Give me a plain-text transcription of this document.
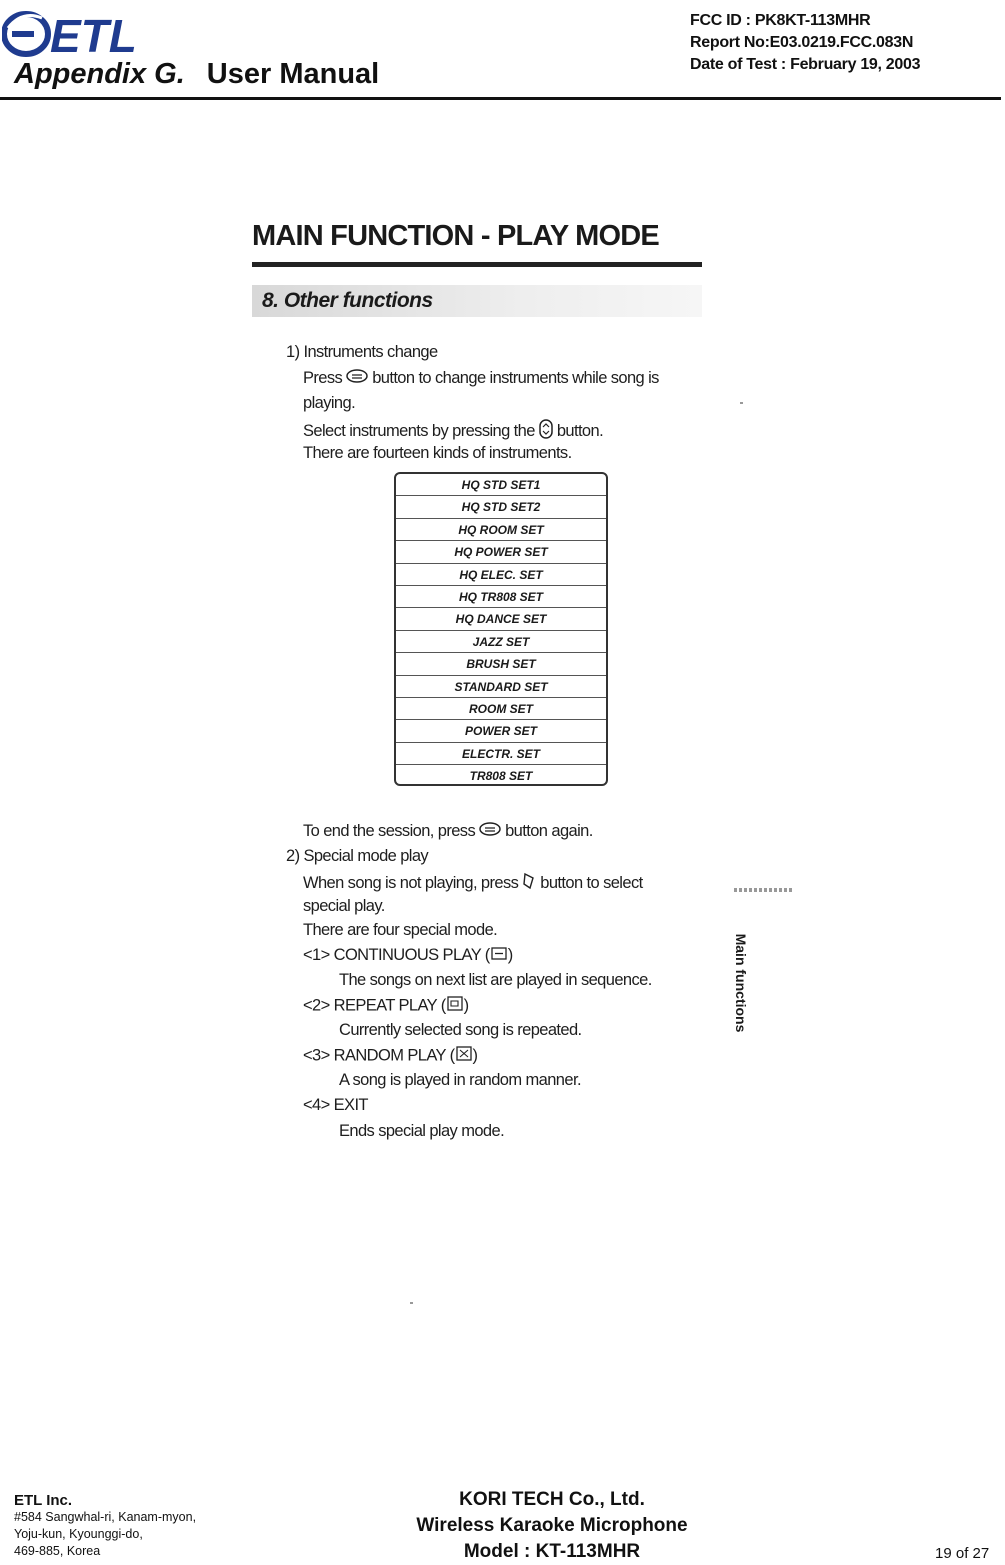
ETL
Appendix G. User Manual
FCC ID : PK8KT-113MHR
Report No:E03.0219.FCC.083N
Date of Test : February 19, 2003
MAIN FUNCTION - PLAY MODE
8. Other functions
1) Instruments change
Press button to change instruments while song is
playing.
Select instruments by pressing the button.
There are fourteen kinds of instruments.
HQ STD SET1
HQ STD SET2
HQ ROOM SET
HQ POWER SET
HQ ELEC. SET
HQ TR808 SET
HQ DANCE SET
JAZZ SET
BRUSH SET
STANDARD SET
ROOM SET
POWER SET
ELECTR. SET
TR808 SET
To end the session, press button again.
2) Special mode play
When song is not playing, press button to select
special play.
There are four special mode.
<1> CONTINUOUS PLAY ( )
The songs on next list are played in sequence.
<2> REPEAT PLAY ( )
Currently selected song is repeated.
<3> RANDOM PLAY ( )
A song is played in random manner.
<4> EXIT
Ends special play mode.
Main functions
ETL Inc.
#584 Sangwhal-ri, Kanam-myon,
Yoju-kun, Kyounggi-do,
469-885, Korea
KORI TECH Co., Ltd.
Wireless Karaoke Microphone
Model : KT-113MHR	19 of 27
